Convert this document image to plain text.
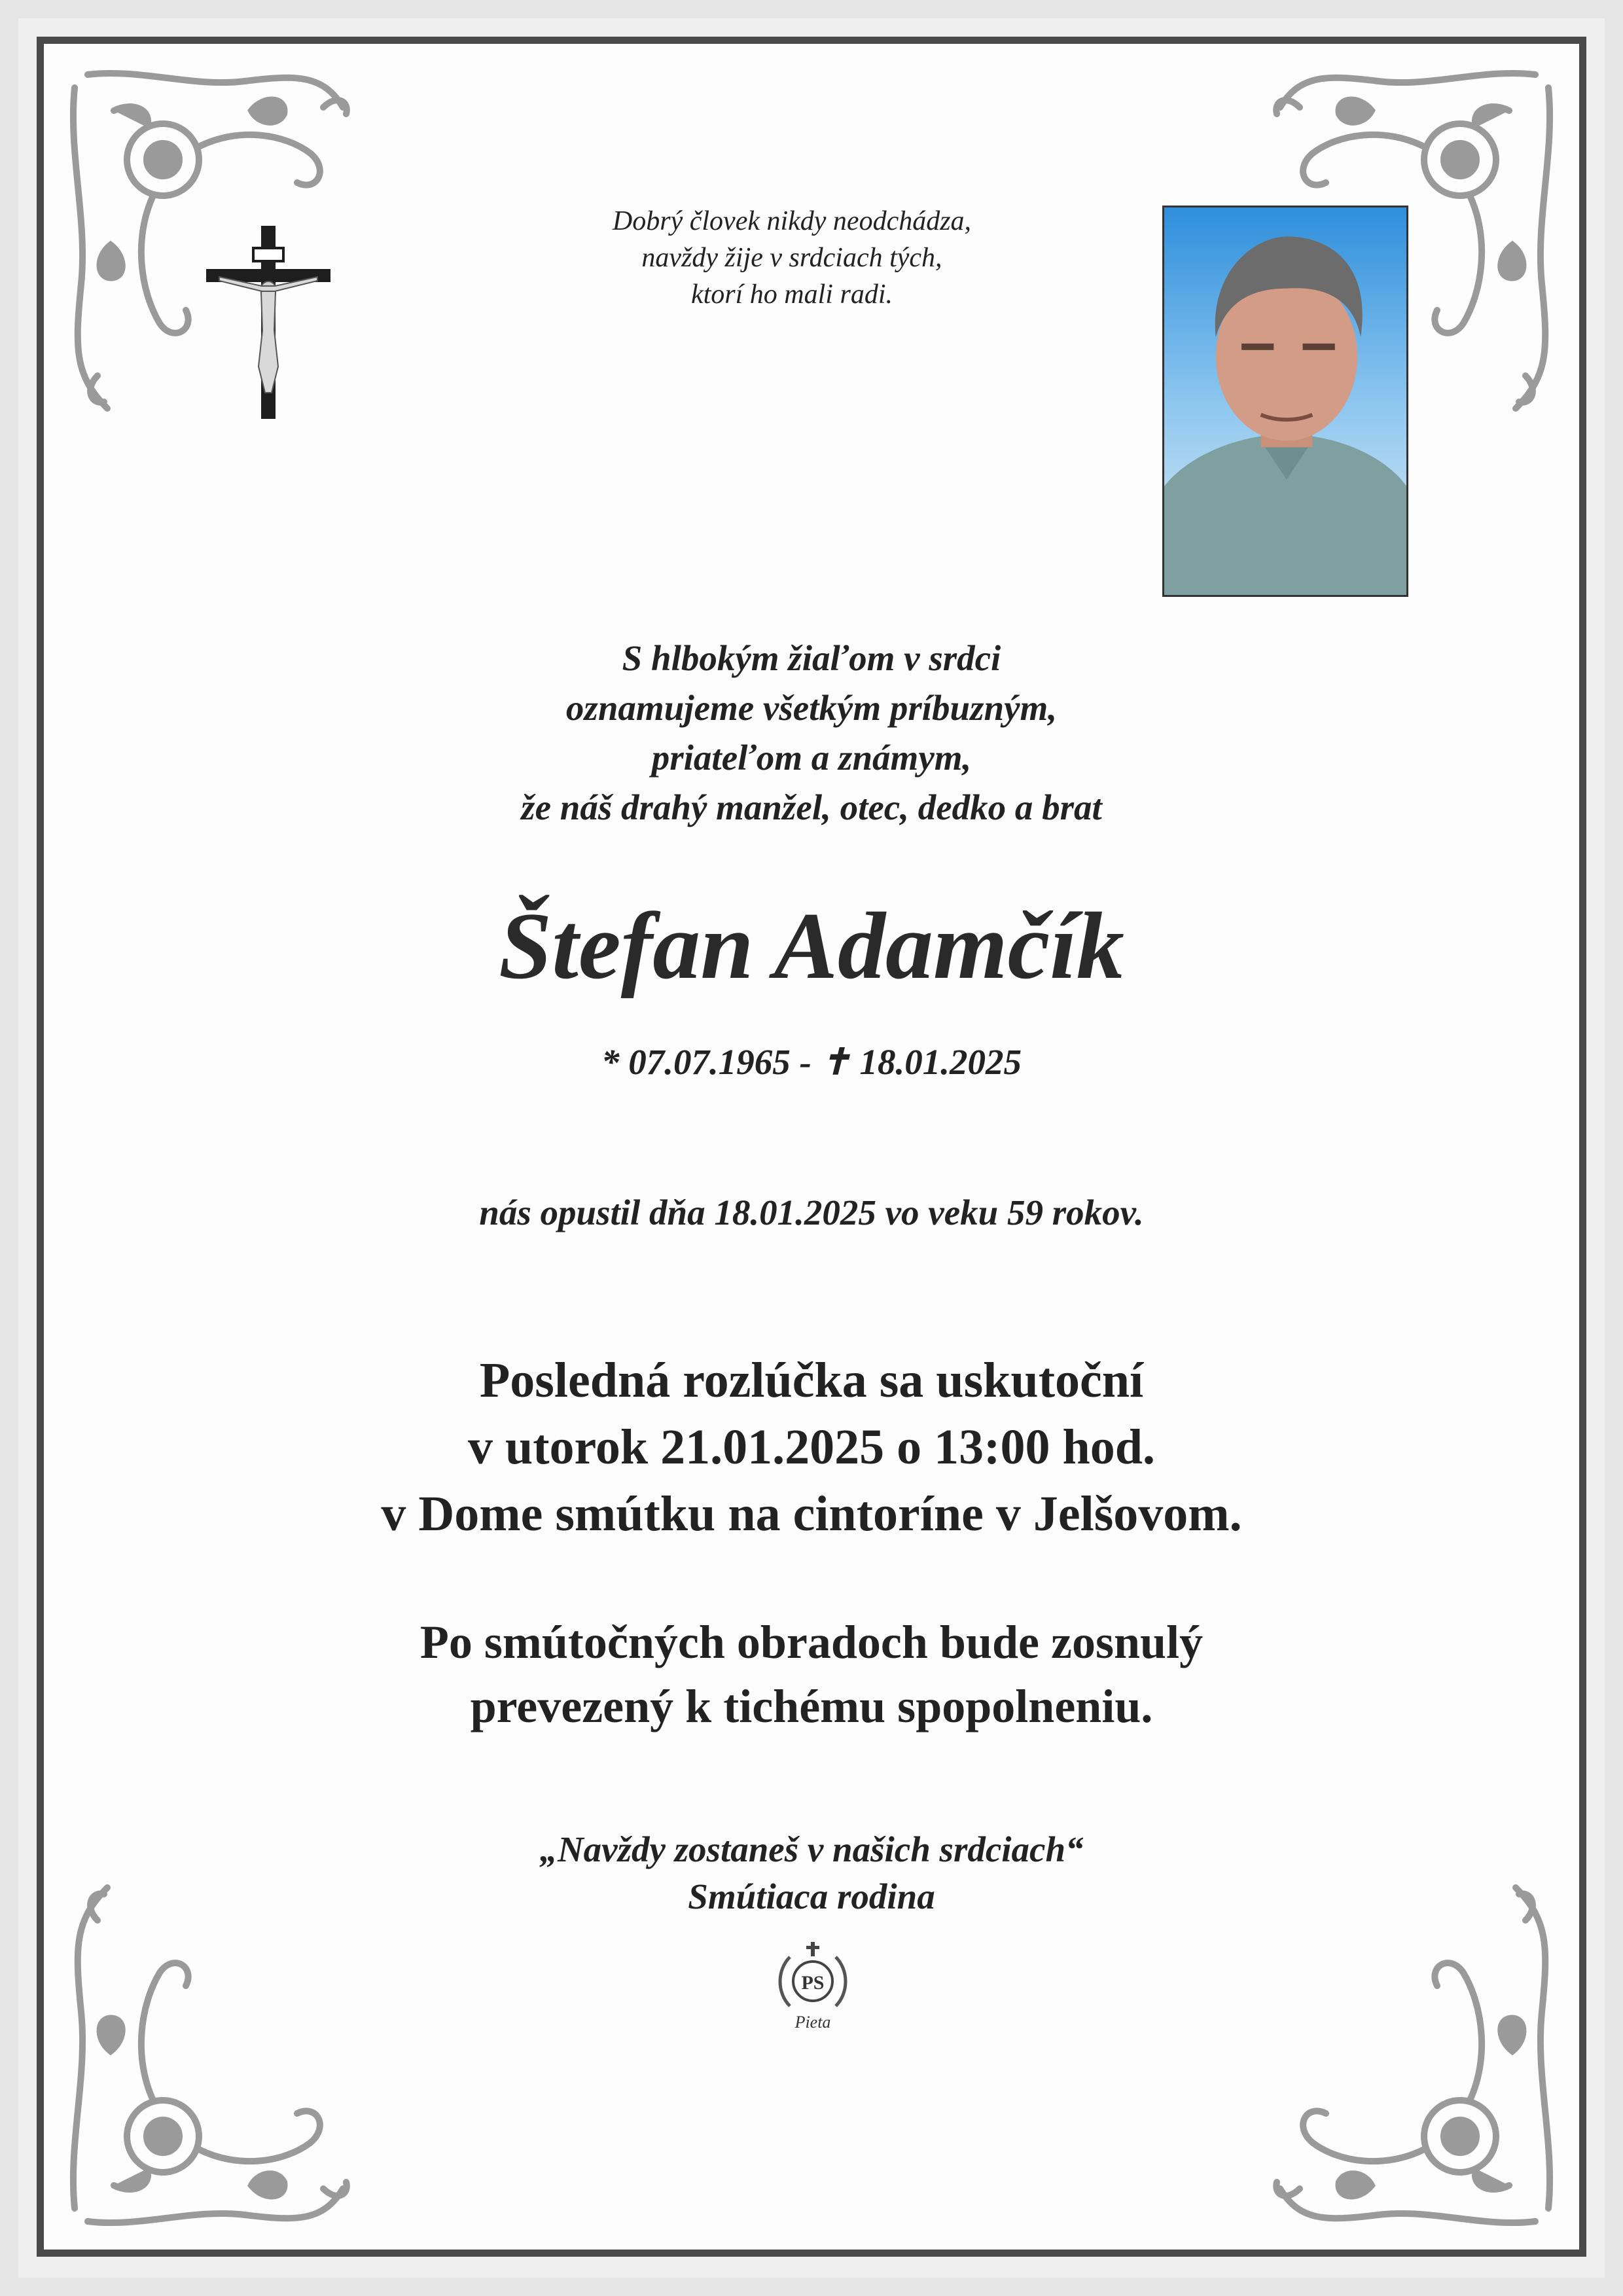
Dobrý človek nikdy neodchádza,
navždy žije v srdciach tých,
ktorí ho mali radi.
S hlbokým žiaľom v srdci
oznamujeme všetkým príbuzným,
priateľom a známym,
že náš drahý manžel, otec, dedko a brat
Štefan Adamčík
* 07.07.1965 - ✝ 18.01.2025
nás opustil dňa 18.01.2025 vo veku 59 rokov.
Posledná rozlúčka sa uskutoční
v utorok 21.01.2025 o 13:00 hod.
v Dome smútku na cintoríne v Jelšovom.
Po smútočných obradoch bude zosnulý
prevezený k tichému spopolneniu.
„Navždy zostaneš v našich srdciach“
Smútiaca rodina
PS
Pieta
